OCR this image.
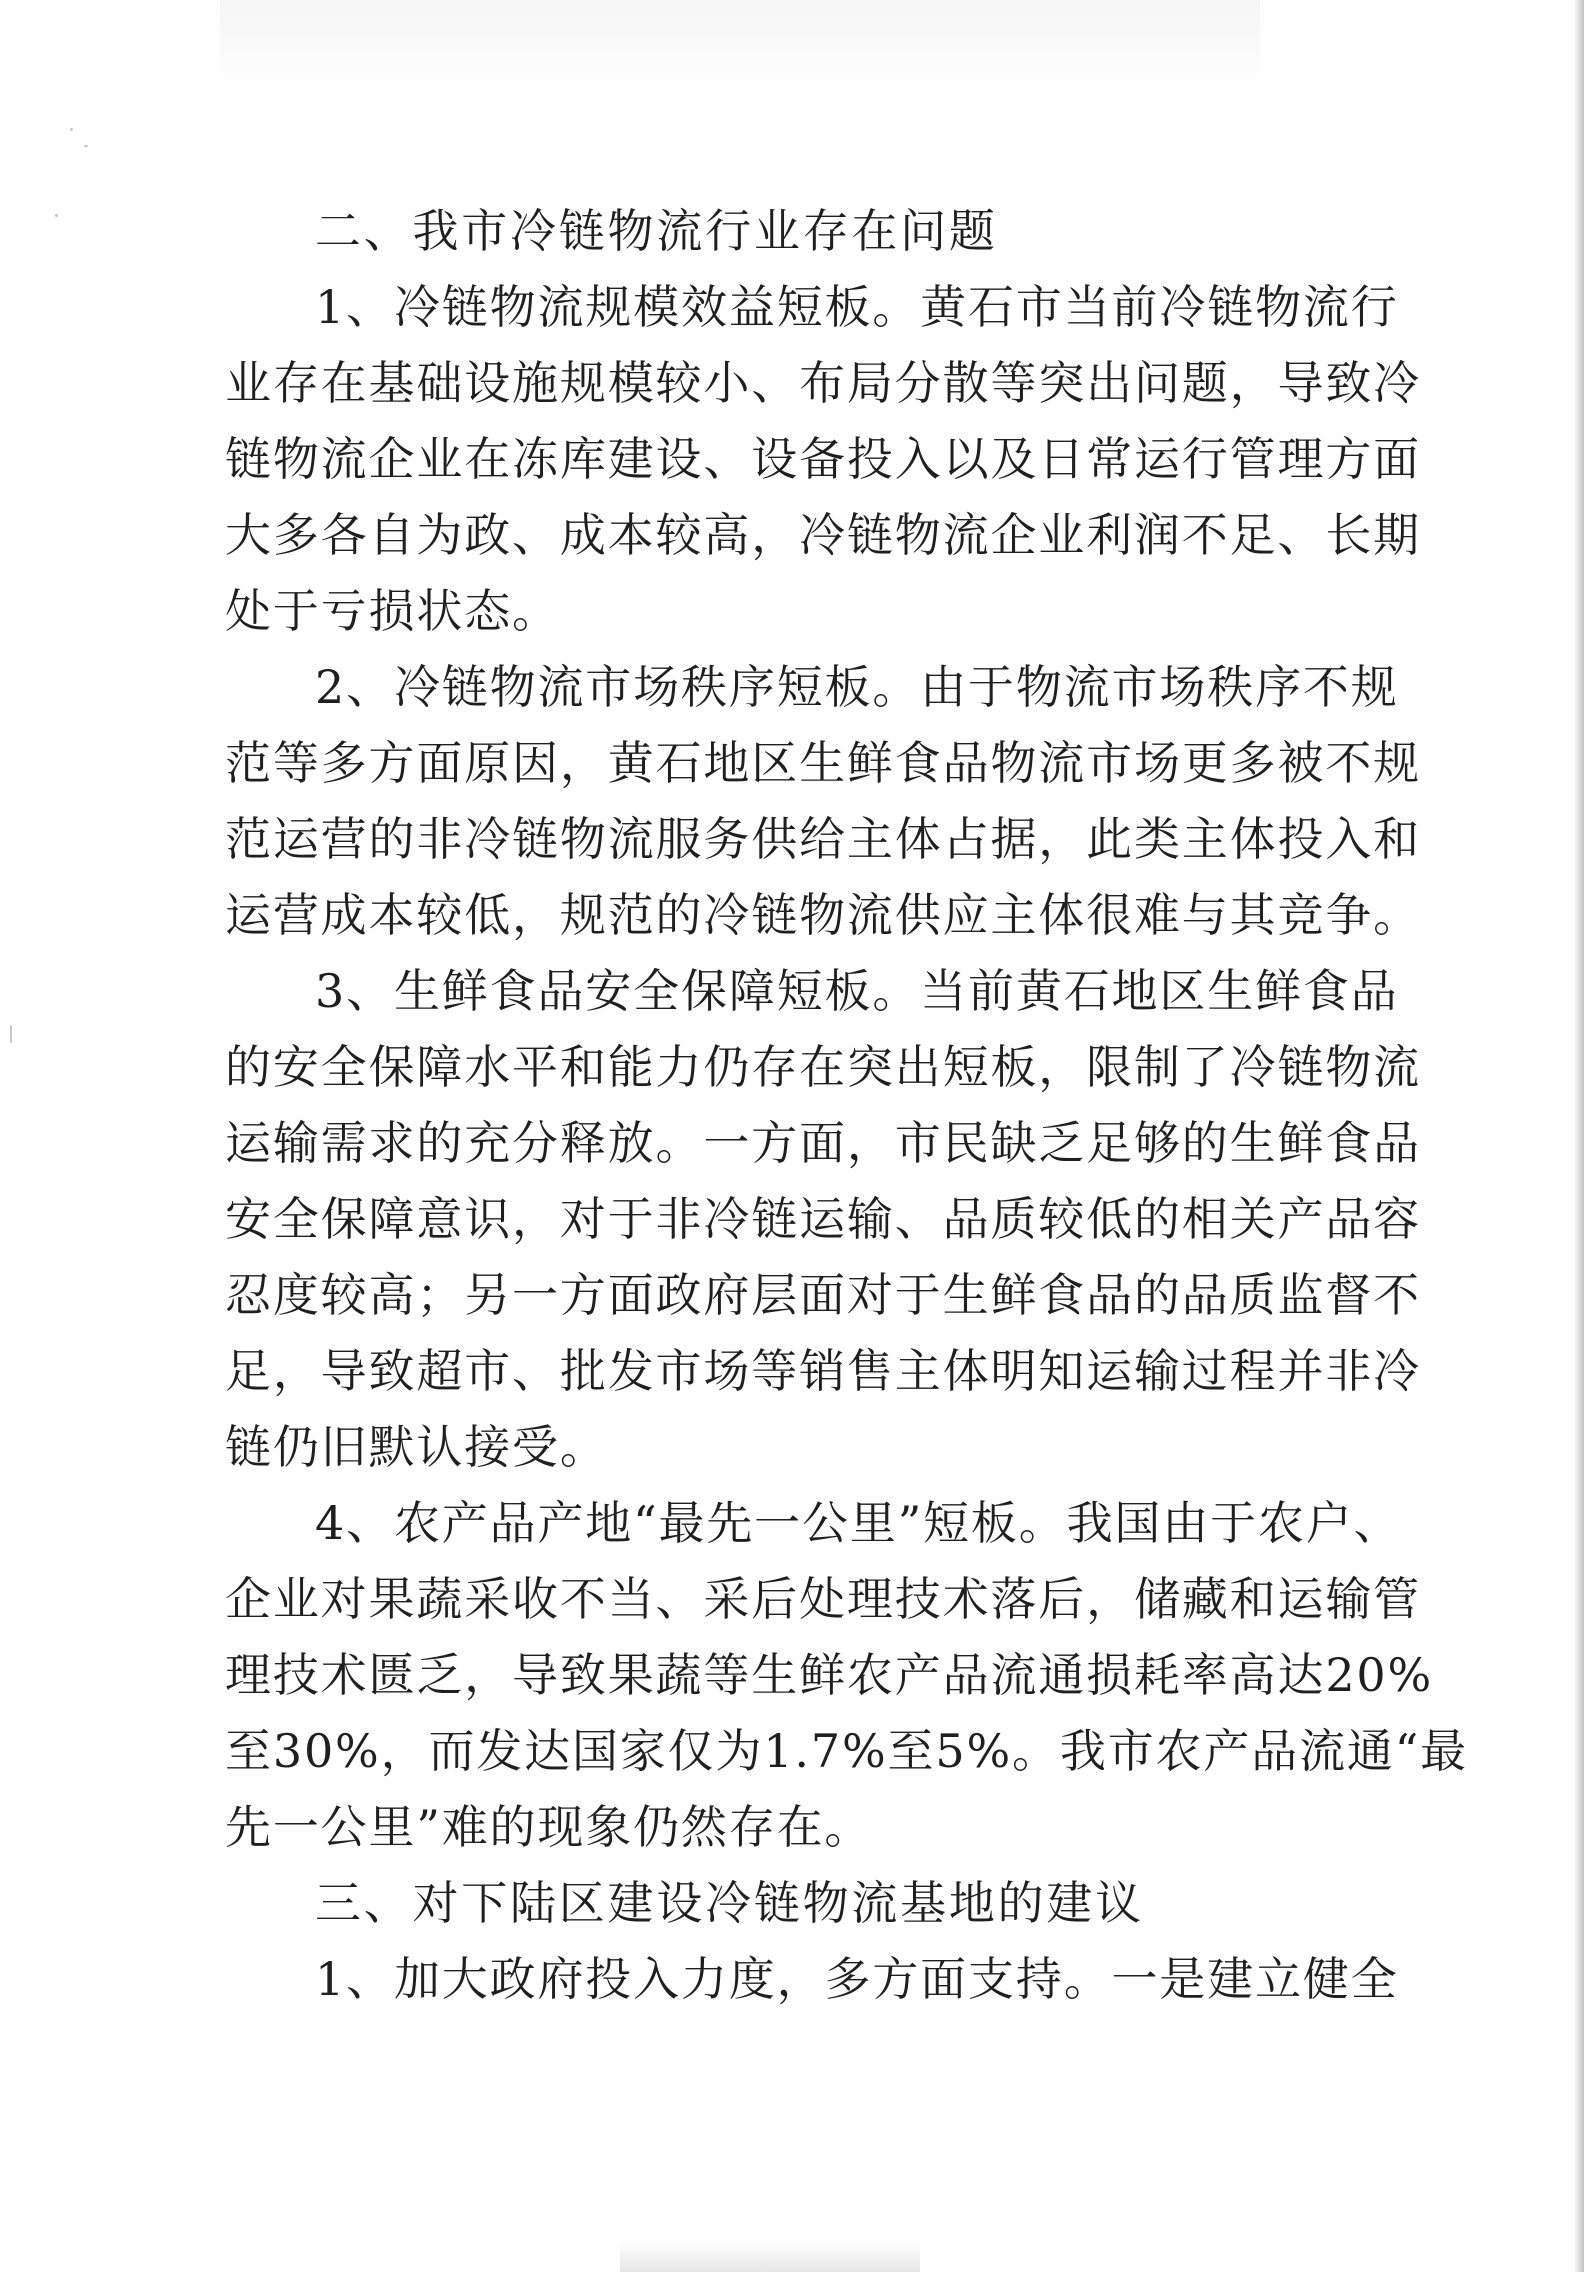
二、我市冷链物流行业存在问题

1、冷链物流规模效益短板。黄石市当前冷链物流行

业存在基础设施规模较小、布局分散等突出问题，导致冷

链物流企业在冻库建设、设备投入以及日常运行管理方面

大多各自为政、成本较高，冷链物流企业利润不足、长期

处于亏损状态。

2、冷链物流市场秩序短板。由于物流市场秩序不规

范等多方面原因，黄石地区生鲜食品物流市场更多被不规

范运营的非冷链物流服务供给主体占据，此类主体投入和

运营成本较低，规范的冷链物流供应主体很难与其竞争。

3、生鲜食品安全保障短板。当前黄石地区生鲜食品

的安全保障水平和能力仍存在突出短板，限制了冷链物流

运输需求的充分释放。一方面，市民缺乏足够的生鲜食品

安全保障意识，对于非冷链运输、品质较低的相关产品容

忍度较高；另一方面政府层面对于生鲜食品的品质监督不

足，导致超市、批发市场等销售主体明知运输过程并非冷

链仍旧默认接受。

4、农产品产地“最先一公里”短板。我国由于农户、

企业对果蔬采收不当、采后处理技术落后，储藏和运输管

理技术匮乏，导致果蔬等生鲜农产品流通损耗率高达20%

至30%，而发达国家仅为1.7%至5%。我市农产品流通“最

先一公里”难的现象仍然存在。

三、对下陆区建设冷链物流基地的建议

1、加大政府投入力度，多方面支持。一是建立健全
